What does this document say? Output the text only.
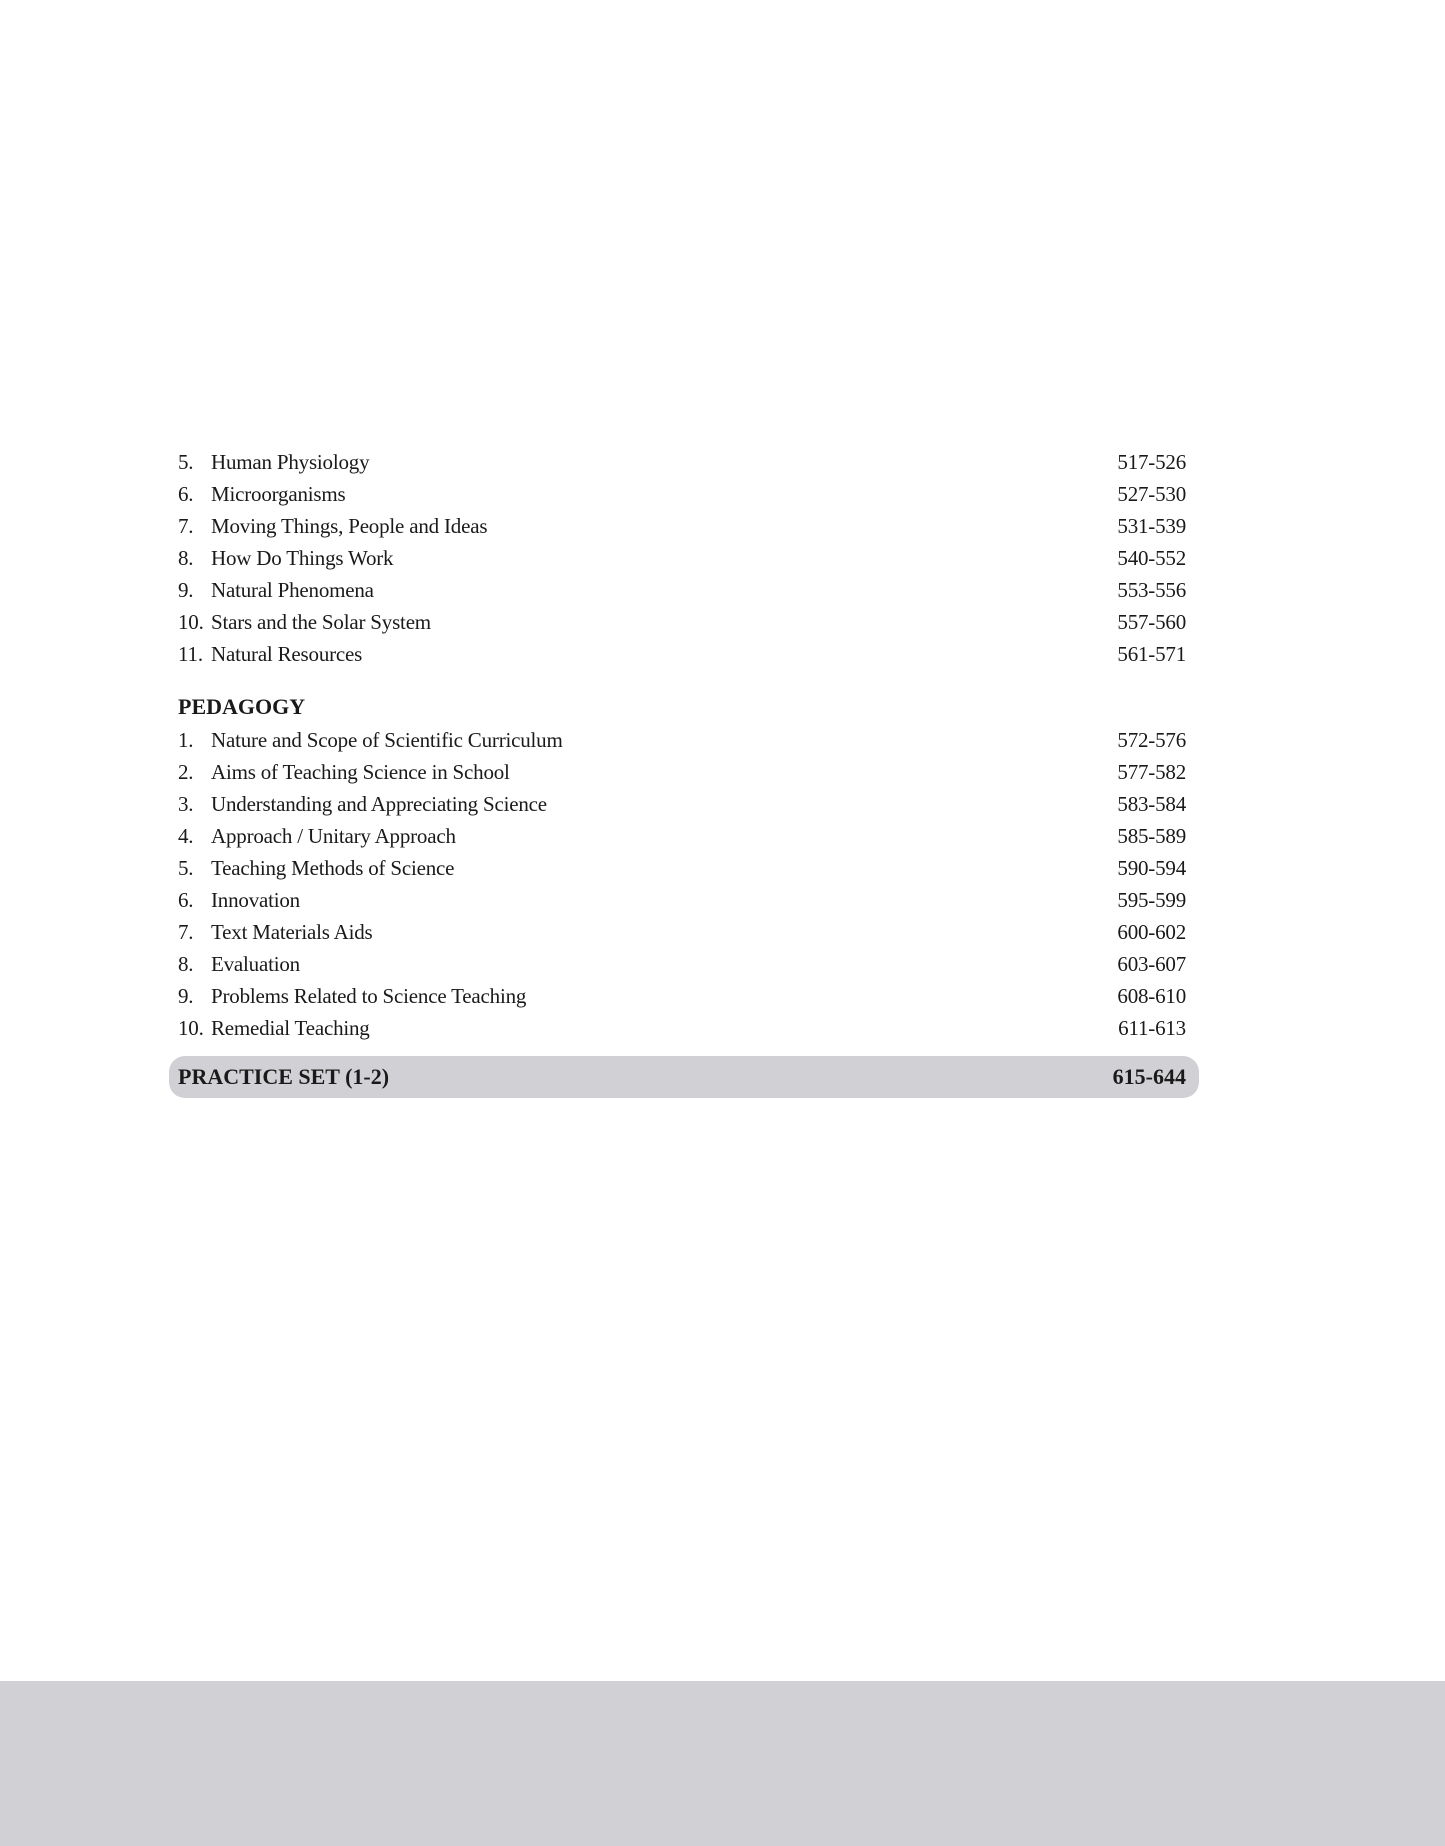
5. Human Physiology	517-526
6. Microorganisms	527-530
7. Moving Things, People and Ideas	531-539
8. How Do Things Work	540-552
9. Natural Phenomena	553-556
10. Stars and the Solar System	557-560
11. Natural Resources	561-571
PEDAGOGY
1. Nature and Scope of Scientific Curriculum	572-576
2. Aims of Teaching Science in School	577-582
3. Understanding and Appreciating Science	583-584
4. Approach / Unitary Approach	585-589
5. Teaching Methods of Science	590-594
6. Innovation	595-599
7. Text Materials Aids	600-602
8. Evaluation	603-607
9. Problems Related to Science Teaching	608-610
10. Remedial Teaching	611-613
PRACTICE SET (1-2)	615-644
